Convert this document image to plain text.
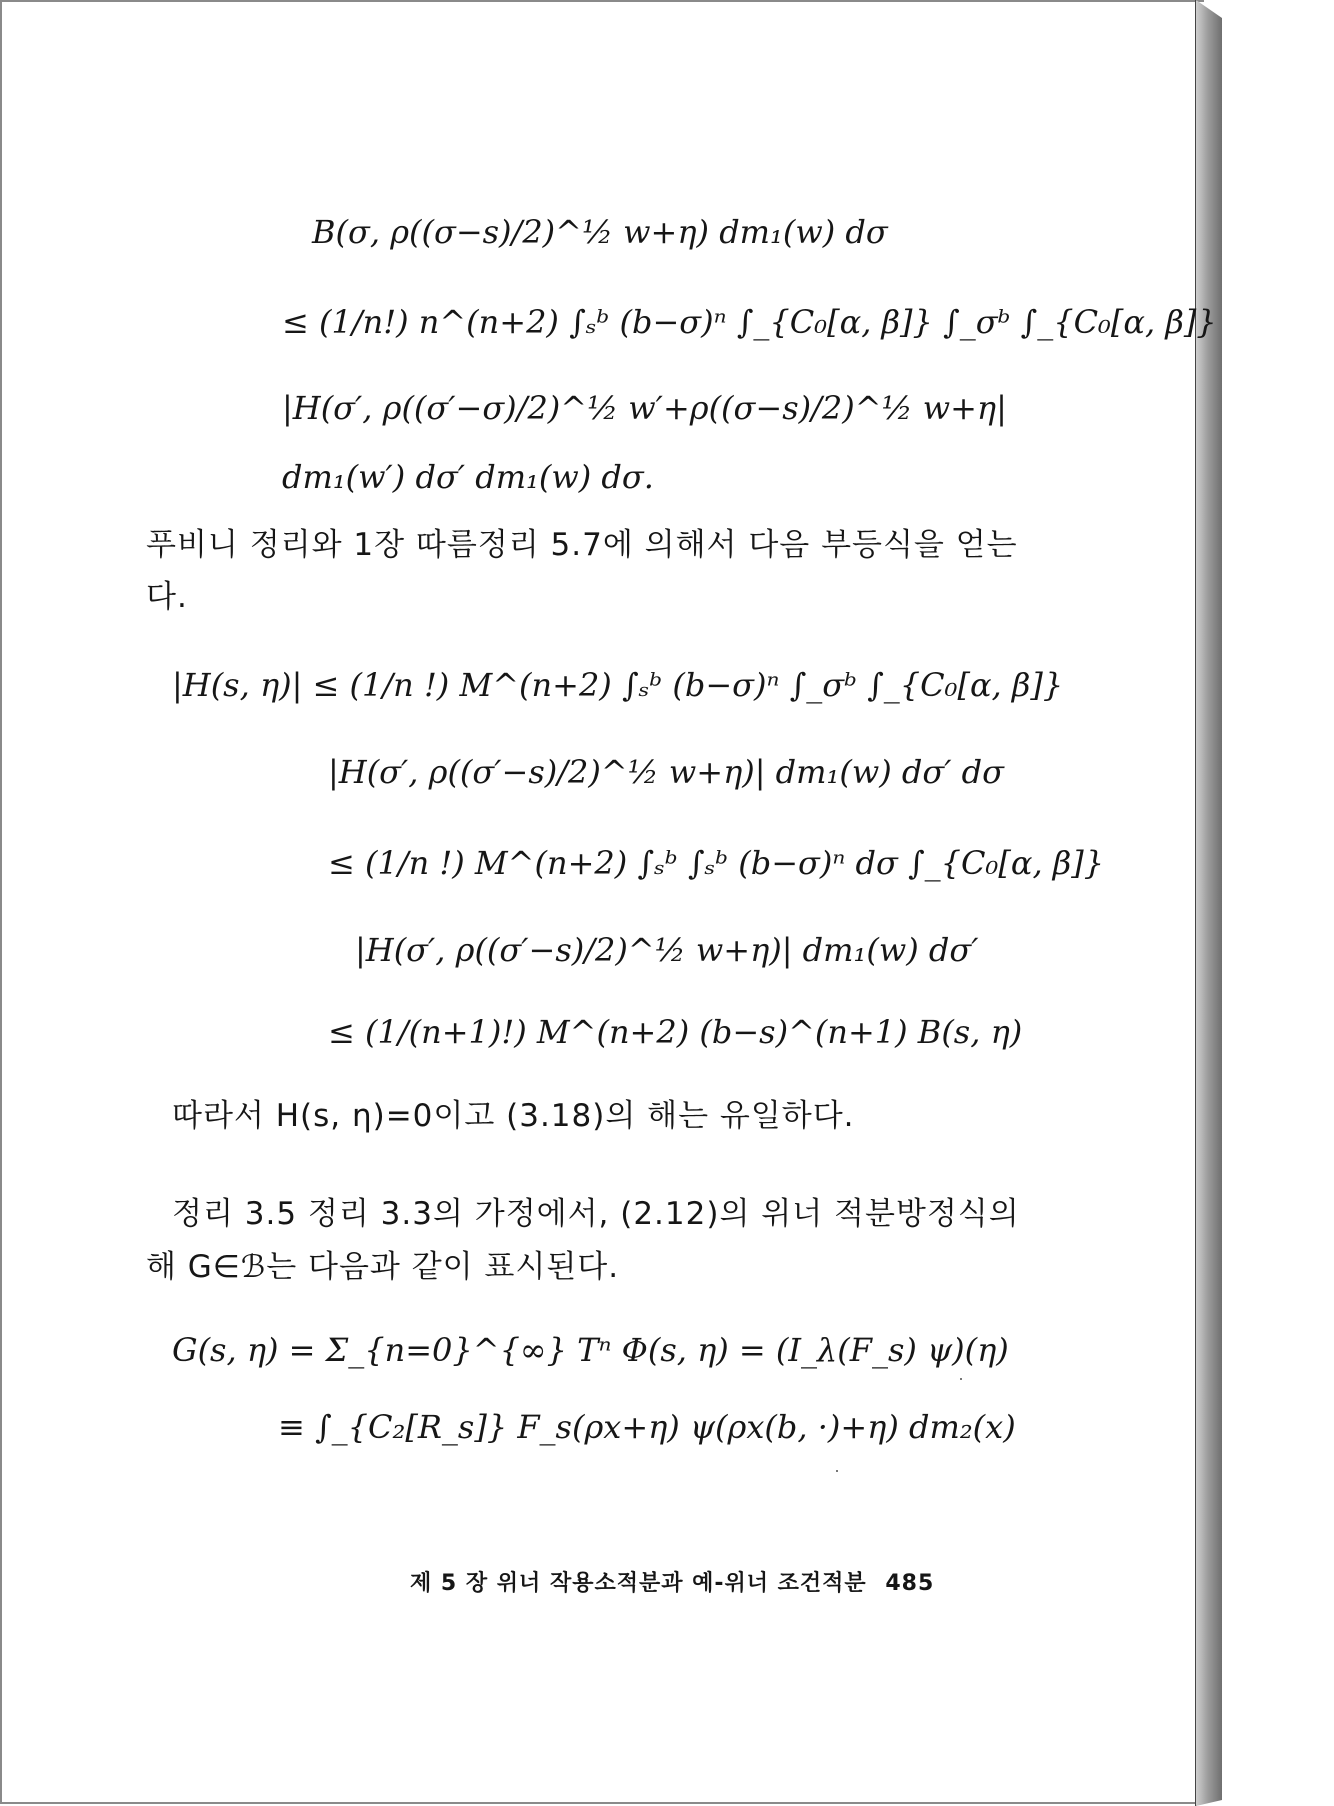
B(σ, ρ((σ−s)/2)^½ w+η) dm₁(w) dσ
≤ (1/n!) n^(n+2) ∫ₛᵇ (b−σ)ⁿ ∫_{C₀[α, β]} ∫_σᵇ ∫_{C₀[α, β]}
|H(σ′, ρ((σ′−σ)/2)^½ w′+ρ((σ−s)/2)^½ w+η|
dm₁(w′) dσ′ dm₁(w) dσ.
푸비니 정리와 1장 따름정리 5.7에 의해서 다음 부등식을 얻는
다.
|H(s, η)| ≤ (1/n !) M^(n+2) ∫ₛᵇ (b−σ)ⁿ ∫_σᵇ ∫_{C₀[α, β]}
|H(σ′, ρ((σ′−s)/2)^½ w+η)| dm₁(w) dσ′ dσ
≤ (1/n !) M^(n+2) ∫ₛᵇ ∫ₛᵇ (b−σ)ⁿ dσ ∫_{C₀[α, β]}
|H(σ′, ρ((σ′−s)/2)^½ w+η)| dm₁(w) dσ′
≤ (1/(n+1)!) M^(n+2) (b−s)^(n+1) B(s, η)
따라서 H(s, η)=0이고 (3.18)의 해는 유일하다.
정리 3.5 정리 3.3의 가정에서, (2.12)의 위너 적분방정식의
해 G∈ℬ는 다음과 같이 표시된다.
G(s, η) = Σ_{n=0}^{∞} Tⁿ Φ(s, η) = (I_λ(F_s) ψ)(η)
≡ ∫_{C₂[R_s]} F_s(ρx+η) ψ(ρx(b, ·)+η) dm₂(x)
제 5 장 위너 작용소적분과 예-위너 조건적분 485
